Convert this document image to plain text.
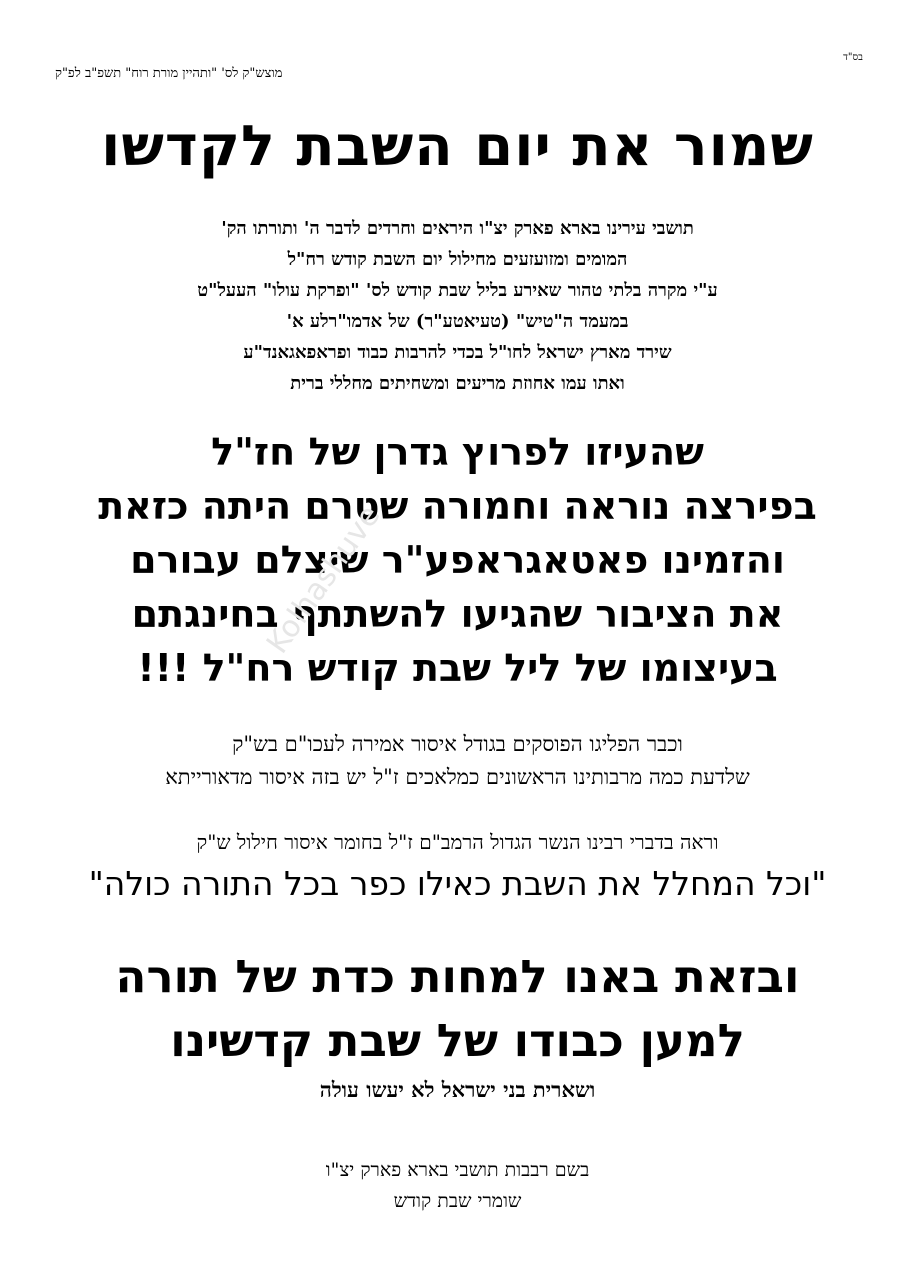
בס"ד
מוצש"ק לס' "ותהיין מורת רוח" תשפ"ב לפ"ק
שמור את יום השבת לקדשו
תושבי עירינו בארא פארק יצ"ו היראים וחרדים לדבר ה' ותורתו הק'
המומים ומזועזעים מחילול יום השבת קודש רח"ל
ע"י מקרה בלתי טהור שאירע בליל שבת קודש לס' "ופרקת עולו" העעל"ט
במעמד ה"טיש" (טעיאטע"ר) של אדמו"רלע א'
שירד מארץ ישראל לחו"ל בכדי להרבות כבוד ופראפאגאנד"ע
ואתו עמו אחוזת מריעים ומשחיתים מחללי ברית
שהעיזו לפרוץ גדרן של חז"ל
בפירצה נוראה וחמורה שטרם היתה כזאת
והזמינו פאטאגראפע"ר שיצלם עבורם
את הציבור שהגיעו להשתתף בחינגתם
בעיצומו של ליל שבת קודש רח"ל !!!
וכבר הפליגו הפוסקים בגודל איסור אמירה לעכו"ם בש"ק
שלדעת כמה מרבותינו הראשונים כמלאכים ז"ל יש בזה איסור מדאורייתא
וראה בדברי רבינו הנשר הגדול הרמב"ם ז"ל בחומר איסור חילול ש"ק
"וכל המחלל את השבת כאילו כפר בכל התורה כולה"
ובזאת באנו למחות כדת של תורה
למען כבודו של שבת קדשינו
ושארית בני ישראל לא יעשו עולה
בשם רבבות תושבי בארא פארק יצ"ו
שומרי שבת קודש
Kolhashuve
